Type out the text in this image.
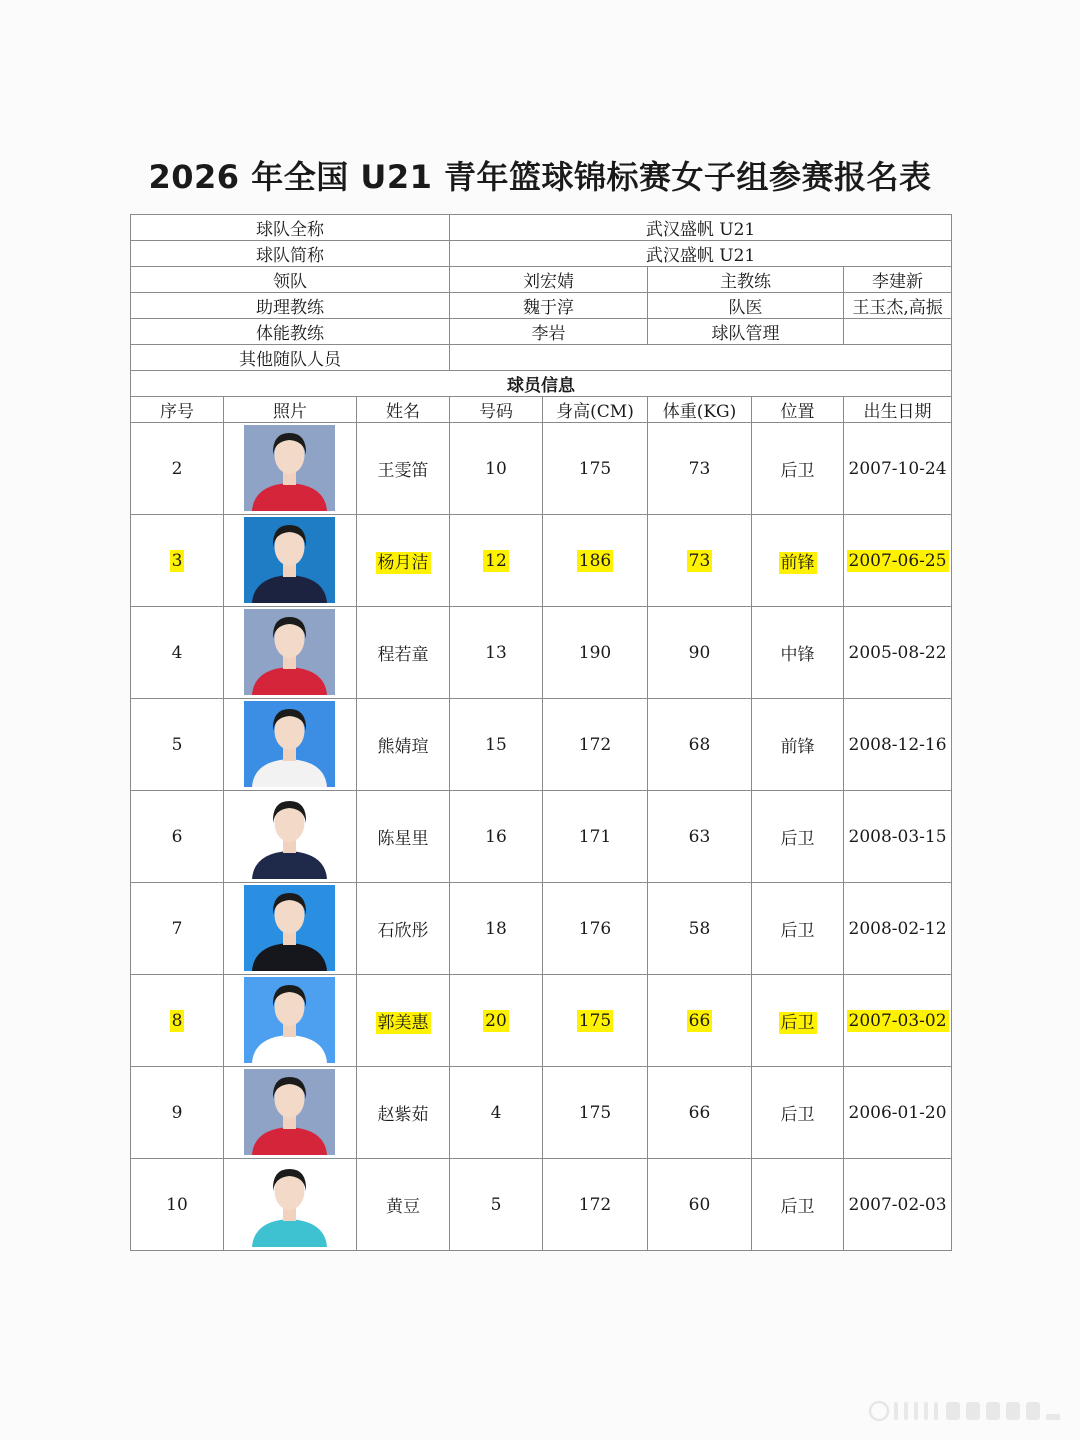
2026 年全国 U21 青年篮球锦标赛女子组参赛报名表
球队全称			武汉盛帆 U21				
球队简称			武汉盛帆 U21				
领队			刘宏婧		主教练		李建新
助理教练			魏于淳		队医		王玉杰,高振
体能教练			李岩		球队管理		
其他随队人员							
球员信息							
序号	照片	姓名	号码	身高(CM)	体重(KG)	位置	出生日期
2		王雯笛	10	175	73	后卫	2007-10-24
3		杨月洁	12	186	73	前锋	2007-06-25
4		程若童	13	190	90	中锋	2005-08-22
5		熊婧瑄	15	172	68	前锋	2008-12-16
6		陈星里	16	171	63	后卫	2008-03-15
7		石欣彤	18	176	58	后卫	2008-02-12
8		郭美惠	20	175	66	后卫	2007-03-02
9		赵紫茹	4	175	66	后卫	2006-01-20
10		黄豆	5	172	60	后卫	2007-02-03
